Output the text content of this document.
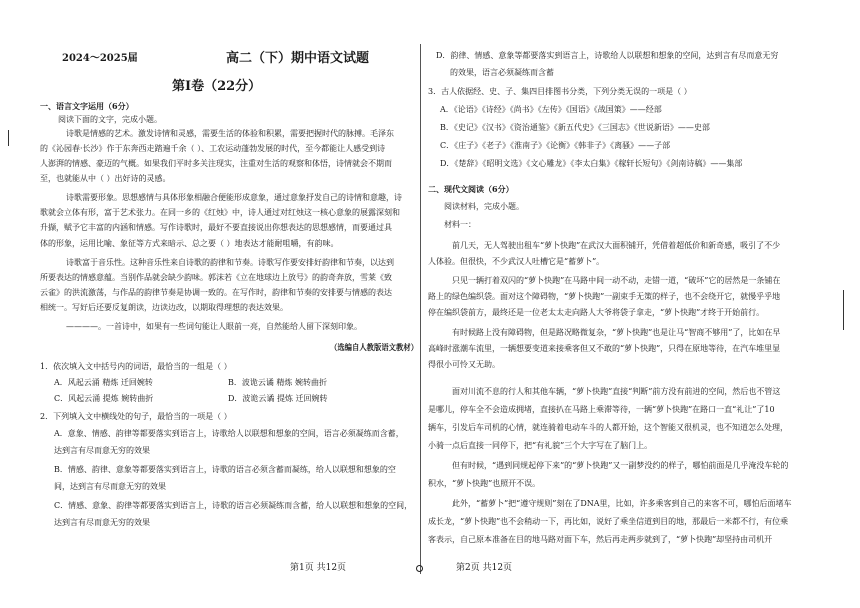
2024～2025届	高二（下）期中语文试题
第Ⅰ卷（22分）
一、语言文字运用（6分）
阅读下面的文字，完成小题。
诗歌是情感的艺术。激发诗情和灵感，需要生活的体验和积累，需要把握时代的脉搏。毛泽东
的《沁园春·长沙》作于东奔西走踏遍千余（ ）、工农运动蓬勃发展的时代，至今都能让人感受到诗
人澎湃的情感、豪迈的气概。如果我们平时多关注现实，注重对生活的观察和体悟，诗情就会不期而
至，也就能从中（ ）出好诗的灵感。
诗歌需要形象。思想感情与具体形象相融合便能形成意象，通过意象抒发自己的诗情和意趣，诗
歌就会立体有形，富于艺术张力。在同一乡的《红烛》中，诗人通过对红烛这一核心意象的展露深刻和
升撷，赋予它丰富的内涵和情感。写作诗歌时，最好不要直接说出你想表达的思想感情，而要通过具
体的形象，运用比喻、象征等方式来暗示、总之要（ ）地表达才能耐咀嚼，有韵味。
诗歌富于音乐性。这种音乐性来自诗歌的韵律和节奏。诗歌写作要安排好韵律和节奏，以达到
所要表达的情感意蕴。当别作品就会缺少韵味。郭沫若《立在地球边上放号》的韵奇奔放，雪莱《致
云雀》的洪流激荡，与作品的韵律节奏是协调一致的。在写作时，韵律和节奏的安排要与情感的表达
相统一。写好后还要反复朗读，边读边改，以期取得理想的表达效果。
————。一首诗中，如果有一些词句能让人眼前一亮，自然能给人留下深刻印象。
（选编自人教版语文教材）
1．依次填入文中括号内的词语，最恰当的一组是（ ）
A．风起云涌 精炼 迁回婉转	B．波诡云谲 精炼 婉转曲折
C．风起云涌 提炼 婉转曲折	D．波诡云谲 提炼 迁回婉转
2．下列填入文中横线处的句子，最恰当的一项是（ ）
A．意象、情感、韵律等都要落实到语言上，诗歌给人以联想和想象的空间，语言必须凝练而含蓄，
达到言有尽而意无穷的效果
B．情感、韵律、意象等都要落实到语言上，诗歌的语言必须含蓄而凝练，给人以联想和想象的空
间，达到言有尽而意无穷的效果
C．情感、意象、韵律等都要落实到语言上，诗歌的语言必须凝练而含蓄，给人以联想和想象的空间，
达到言有尽而意无穷的效果
第1页 共12页
D．韵律、情感、意象等都要落实到语言上，诗歌给人以联想和想象的空间，达到言有尽而意无穷
的效果，语言必须凝练而含蓄
3．古人依据经、史、子、集四目排图书分类，下列分类无误的一项是（ ）
A．《论语》《诗经》《尚书》《左传》《国语》《战国策》——经部
B．《史记》《汉书》《资治通鉴》《新五代史》《三国志》《世说新语》——史部
C．《庄子》《老子》《淮南子》《论衡》《韩非子》《离骚》——子部
D．《楚辞》《昭明文选》《文心雕龙》《李太白集》《稼轩长短句》《剑南诗稿》——集部
二、现代文阅读（6分）
阅读材料，完成小题。
材料一：
前几天，无人驾驶出租车“萝卜快跑”在武汉大面积铺开，凭借着超低价和新奇感，吸引了不少
人体验。但很快，不少武汉人吐槽它是“蓄萝卜”。
只见一辆打着双闪的“萝卜快跑”在马路中间一动不动，走错一道，“破坏”它的居然是一条铺在
路上的绿色编织袋。面对这个障碍物，“萝卜快跑”一副束手无策的样子，也不会绕开它，就慢乎乎地
停在编织袋前方，最终还是一位老太太走向路人大爷将袋子拿走，“萝卜快跑”才终于开始前行。
有时候路上没有障碍物，但是路况略微复杂，“萝卜快跑”也是让马“智商不够用”了，比如在早
高峰时涨潮车流里，一辆想要变道来接乘客但又不敢的“萝卜快跑”，只得在原地等待，在汽车堆里显
得很小可怜又无助。
面对川流不息的行人和其他车辆，“萝卜快跑”直接“判断”前方没有前进的空间，然后也不管这
是哪儿，停车全不会造成拥堵，直接扒在马路上乘滞等待，一辆“萝卜快跑”在路口一直“礼让”了10
辆车，引发后车司机的心情，就连骑着电动车斗的人都开始，这个智能又很机灵，也不知道怎么处理，
小骑一点后直接一同停下，把“有礼貌”三个大字写在了脑门上。
但有时候，“遇到同规起停下来”的“萝卜快跑”又一副梦没约的样子，哪怕前面是几乎淹没车轮的
积水，“萝卜快跑”也照开不误。
此外，“蓄萝卜”把“遵守规则”刻在了DNA里，比如，许多乘客到自己的来客不可，哪怕后面堵车
成长龙，“萝卜快跑”也不会稍动一下，再比如，说好了乘坐信道到目的地，那最后一米都不行，有位乘
客表示，自己原本准备在目的地马路对面下车，然后再走两步就到了，“萝卜快跑”却坚持由司机开
第2页 共12页
